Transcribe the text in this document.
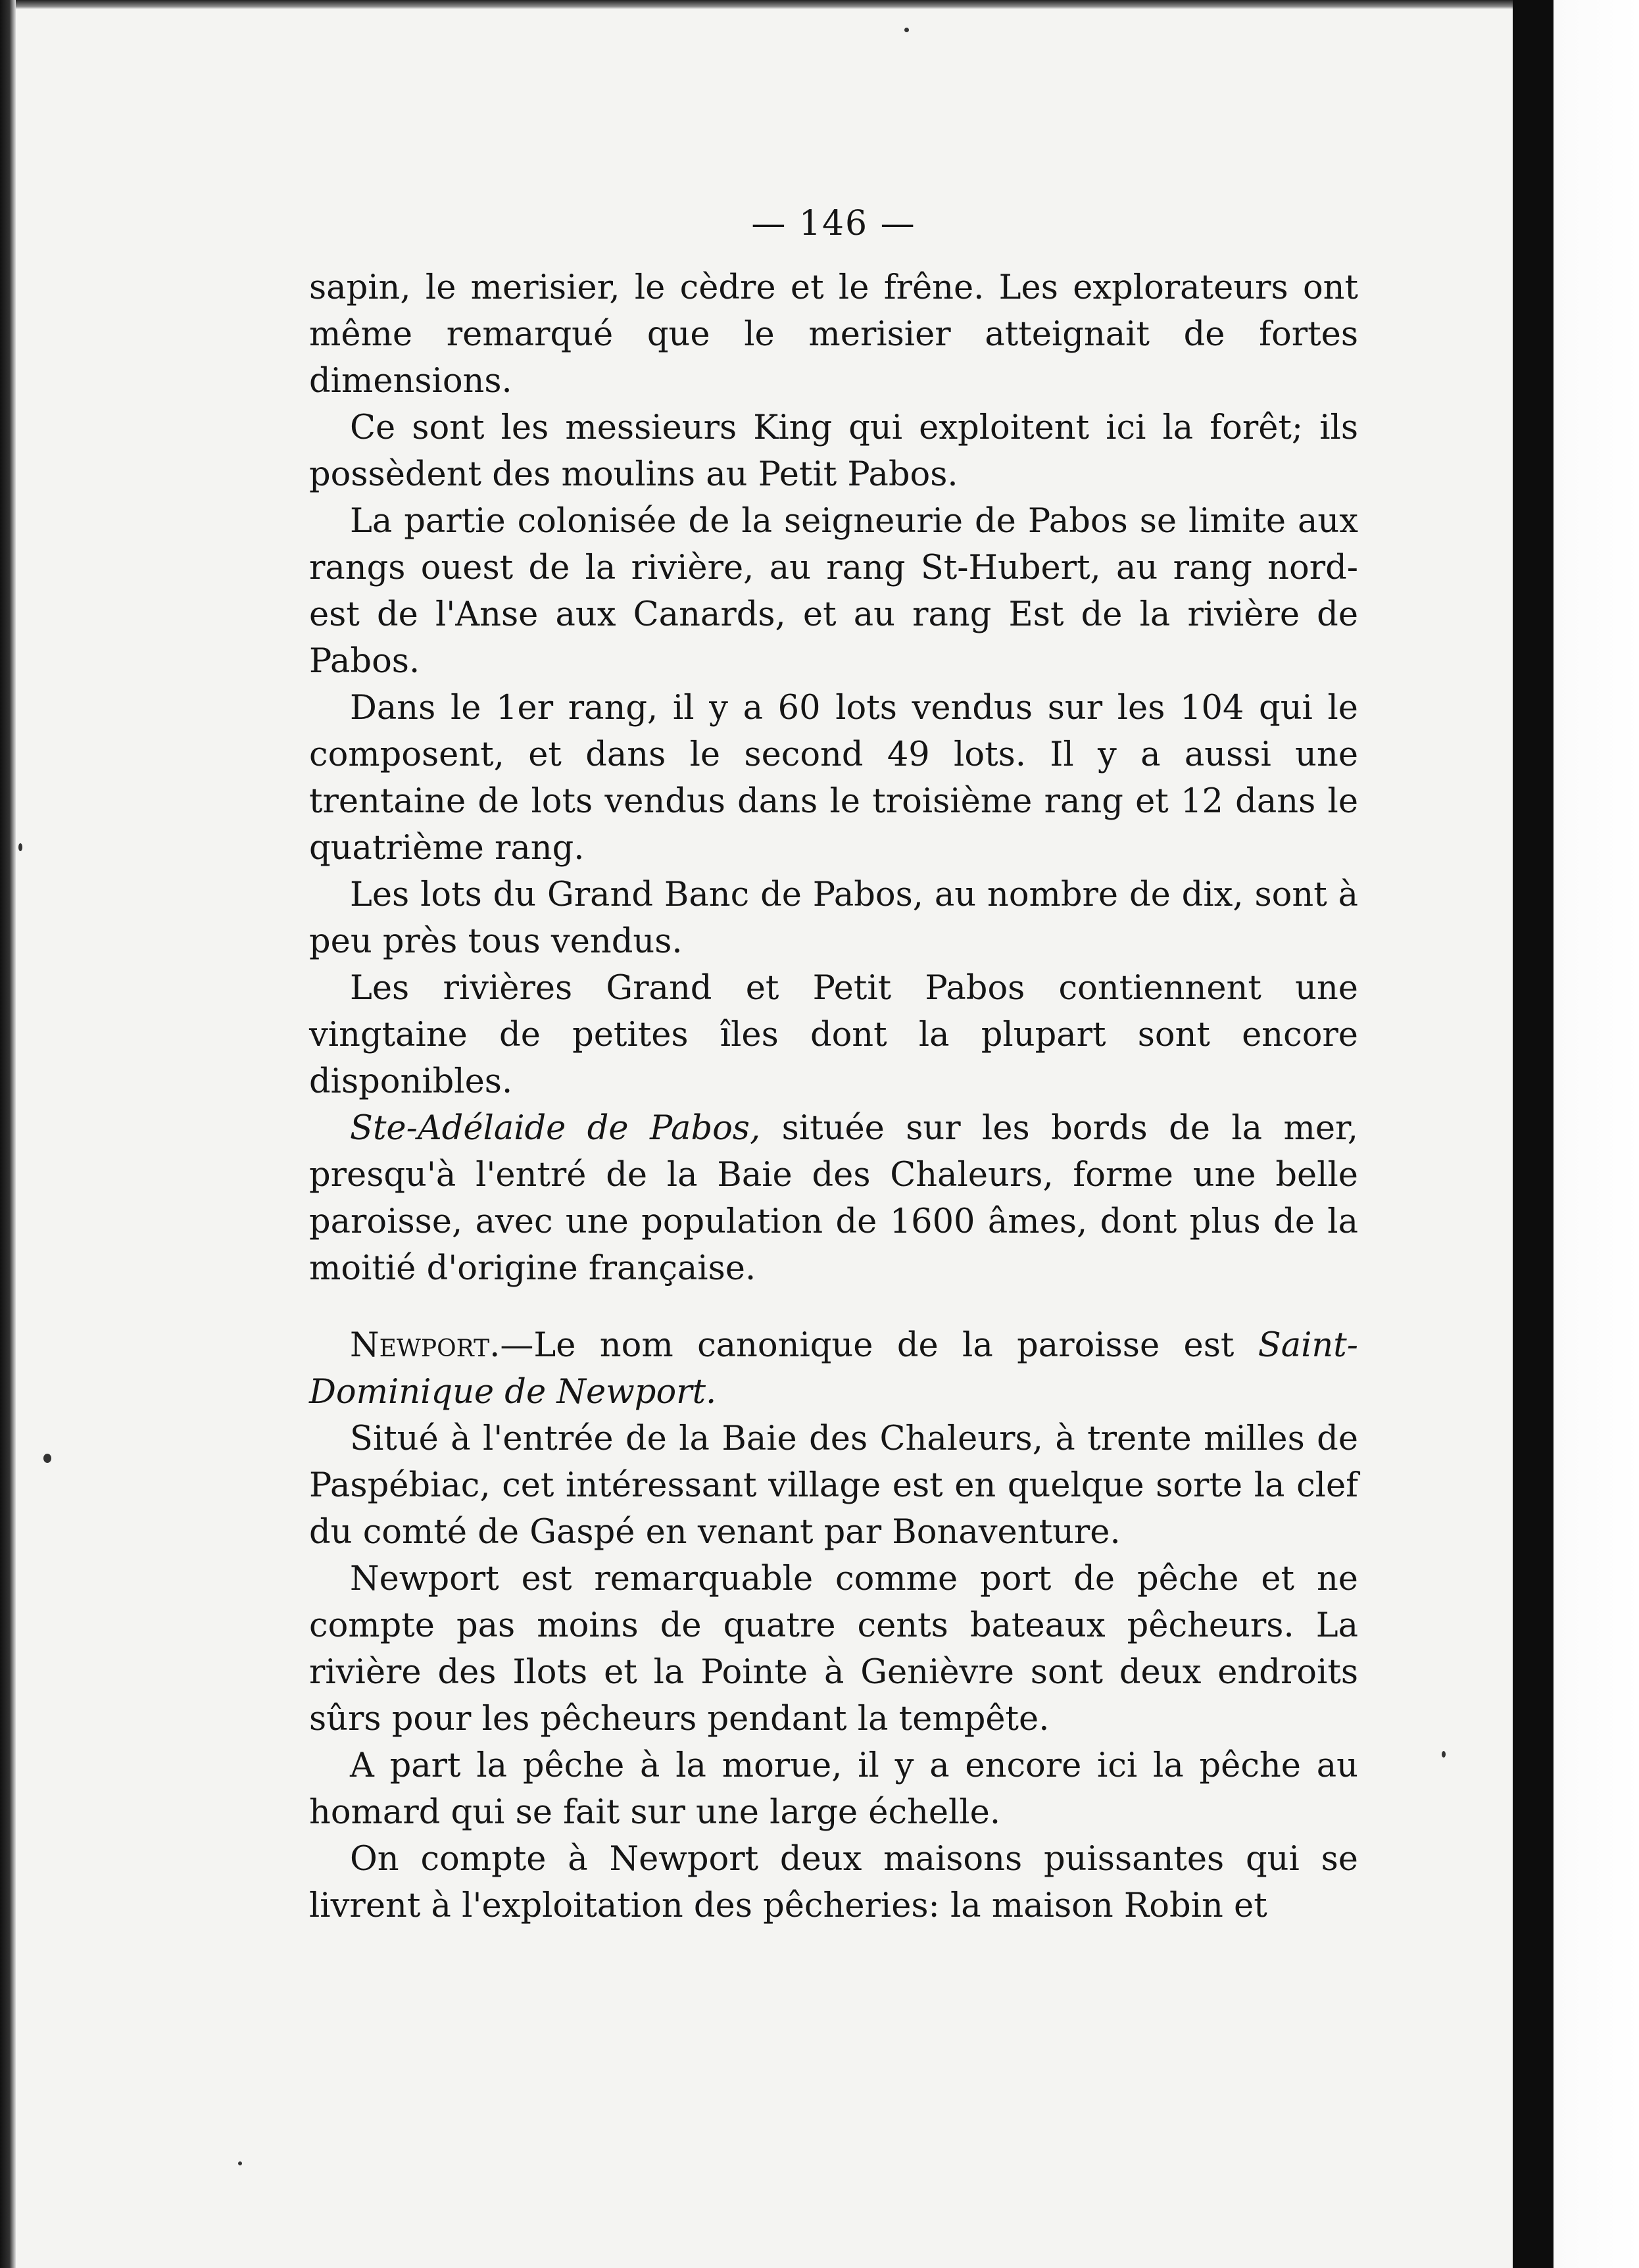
— 146 —

sapin, le merisier, le cèdre et le frêne. Les explorateurs ont même remarqué que le merisier atteignait de fortes dimensions.

Ce sont les messieurs King qui exploitent ici la forêt; ils possèdent des moulins au Petit Pabos.

La partie colonisée de la seigneurie de Pabos se limite aux rangs ouest de la rivière, au rang St-Hubert, au rang nord-est de l'Anse aux Canards, et au rang Est de la rivière de Pabos.

Dans le 1er rang, il y a 60 lots vendus sur les 104 qui le composent, et dans le second 49 lots. Il y a aussi une trentaine de lots vendus dans le troisième rang et 12 dans le quatrième rang.

Les lots du Grand Banc de Pabos, au nombre de dix, sont à peu près tous vendus.

Les rivières Grand et Petit Pabos contiennent une vingtaine de petites îles dont la plupart sont encore disponibles.

Ste-Adélaide de Pabos, située sur les bords de la mer, presqu'à l'entré de la Baie des Chaleurs, forme une belle paroisse, avec une population de 1600 âmes, dont plus de la moitié d'origine française.

Newport.—Le nom canonique de la paroisse est Saint-Dominique de Newport.

Situé à l'entrée de la Baie des Chaleurs, à trente milles de Paspébiac, cet intéressant village est en quelque sorte la clef du comté de Gaspé en venant par Bonaventure.

Newport est remarquable comme port de pêche et ne compte pas moins de quatre cents bateaux pêcheurs. La rivière des Ilots et la Pointe à Genièvre sont deux endroits sûrs pour les pêcheurs pendant la tempête.

A part la pêche à la morue, il y a encore ici la pêche au homard qui se fait sur une large échelle.

On compte à Newport deux maisons puissantes qui se livrent à l'exploitation des pêcheries: la maison Robin et
